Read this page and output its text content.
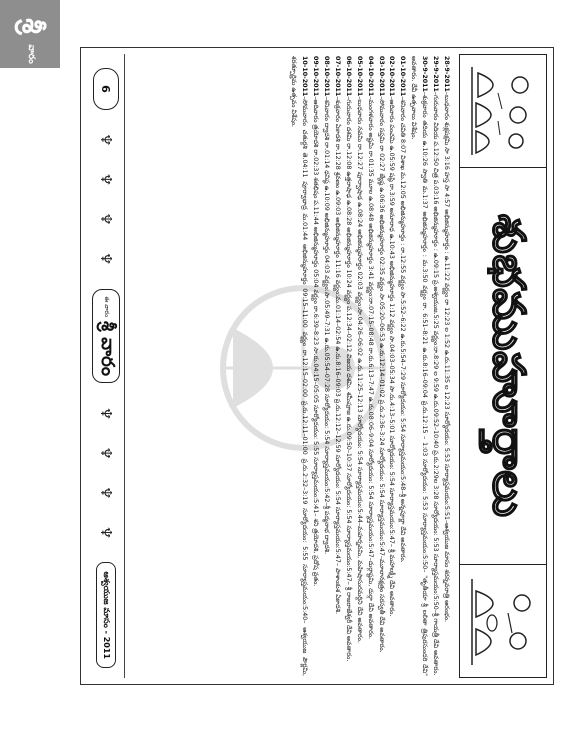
శ్రీ
వారం
శుభముహూర్తాలు

28-9-2011–బుధవారం శుక్లపక్షమి సా 3:16 హస్త సా 4:57 అభిజిన్ముహూర్తం : ఉ.11:22 వర్జ్యం రా 12:23 ల 1:52 ఉ.రు.11:35 ల 12:23 సూర్యోదయం: 5:53 సూర్యాస్తమయం:5:51–ఆశ్వయుజ మాసం శరన్నవరాత్రి ఆరంభం.

29-9-2011–గురువారం విదియ ప.12:50 చిత్ర ప.03:16 అభిజిన్ముహూర్తం : ఉ.09:15 ప్ర.అశ్వయుజ.5:25 వర్జ్యం:రా.8:29 ల 9:59 ఉ.రు.09:52–10:40 ప్ర.రు.2:29ల 3:28 సూర్యోదయం: 5:53 సూర్యాస్తమయం:5:50–శ్రీ గాయత్రీ దేవి అవతారం.

30-9-2011–శుక్రవారం తదియ ఉ.10:26 స్వాతి మ.1:37 అభిజిన్ముహూర్తం : మ.3:50 వర్జ్యం రా. 6:51–8:21 ఉ.రు.8:16–09:04 ప్ర.రు.12:15 – 1:03 సూర్యోదయం: 5:53 సూర్యాస్తమయం:5:50– "తృతీయా శ్రీ లలితా త్రిపురసుందరి దేవి" అవతారం. దేవీ ఉత్సవాలు విశేషం.

01-10-2011–శనివారం చవితి 8:07 విశాఖ మ.12:05 అభిజిన్ముహూర్తం : రా.12:55 వర్జ్యం సా.5:52–6:22 ఉ.రు.5:54–7:29 సూర్యోదయం: 5:54 సూర్యాస్తమయం:5:48–శ్రీ అన్నపూర్ణా దేవి అవతారం.

02-10-2011–ఆదివారం పంచమి ఉ.05:59 షష్ఠి రా.3:59 అనూరాధ ఉ.10:43 అభిజిన్ముహూర్తం 1:12 వర్జ్యం సా.04:03–05:34 సా.రు.4:13–5:01 సూర్యోదయం: 5:54 సూర్యాస్తమయం:5:47– శ్రీ మహాలక్ష్మీ దేవి అవతారం.

03-10-2011–సోమవారం సప్తమి రా 02:27 జ్యేష్ఠ ఉ.06:36 అభిజిన్ముహూర్తం 02:35 వర్జ్యం సా.05:20–06:53 ఉ.రు.12:14–01:02 ప్ర.రు.2:36–3:24 సూర్యోదయం: 5:54 సూర్యాస్తమయం:5:47–మూలానక్షత్రం సరస్వతీ దేవి అవతారం.

04-10-2011–మంగళవారం అష్టమి రా.01:35 మూల ఉ.08:48 అభిజిన్ముహూర్తం 3:41 వర్జ్యం:రా.07:15–08:48 రా.రు.6:13–7:47 ఉ.రు.08:06–9:04 సూర్యోదయం: 5:54 సూర్యాస్తమయం:5:47–దుర్గాష్టమి, దుర్గా దేవి అవతారం.

05-10-2011–బుధవారం నవమి రా.12:27 పూర్వాషాఢ ఉ.08:24 అభిజిన్ముహూర్తం 02:03 వర్జ్యం:సా.04:26–06:02 ఉ.రు.11:25–12:13 సూర్యోదయం: 5:54 సూర్యాస్తమయం:5:44–మహర్నవమి, మహిషాసురమర్దిని దేవి అవతారం.

06-10-2011–గురువారం దశమి రా.12:08 ఉత్తరాషాఢ ఉ.08:28 అభిజిన్ముహూర్తం 10:24 వర్జ్యం ప.12:34–02:12 విజయ దశమి, శమీపూజ ఉ.రు.09:50–10:37 సూర్యోదయం: 5:54 సూర్యాస్తమయం:5:47– శ్రీ రాజరాజేశ్వరీ దేవి అవతారం.

07-10-2011–శుక్రవారం ఏకాదశి రా.12:28 శ్రవణం ఉ.09:03 అభిజిన్ముహూర్తం 11:16 వర్జ్యం:మ.01:14–02:54 ఉ.రు.8:16–09:03 ప్ర.రు.12:12–12:59 సూర్యోదయం: 5:54 సూర్యాస్తమయం:5:47– పాశాంకుశ ఏకాదశి.

08-10-2011–శనివారం ద్వాదశి రా.01:14 ధనిష్ఠ ఉ.10:09 అభిజిన్ముహూర్తం 04:03 వర్జ్యం:సా.05:49–7:31 ఉ.రు.05:54–07:28 సూర్యోదయం: 5:54 సూర్యాస్తమయం:5:42–శ్రీ పద్మనాభ ద్వాదశి.

09-10-2011–ఆదివారం త్రయోదశి రా.02:33 శతభిషం ప.11:44 అభిజిన్ముహూర్తం 05:04 వర్జ్యం రా.6:39–8:23 సా.రు.04:15–05:05 సూర్యోదయం: 5:55 సూర్యాస్తమయం:5:41– శని త్రయోదశి, ప్రదోష వ్రతం.

10-10-2011–సోమవారం చతుర్దశి తె.04:11 పూర్వాభాద్ర మ.01:44 అభిజిన్ముహూర్తం 09:15–11:00 వర్జ్యం రా.12:15–02:00 ప్ర.రు.12:11–01:00 ప్ర.రు.2:32–3:19 సూర్యోదయం: 5:55 సూర్యాస్తమయం:5:40– ఆశ్వయుజ పౌర్ణమి, శరత్పూర్ణిమ ఉత్సవం విశేషం.

6
♆
♆
♆
♆
ఈ వారం
శ్రీ వారం
♆
♆
♆
♆
ఆశ్వయుజ మాసం - 2011
